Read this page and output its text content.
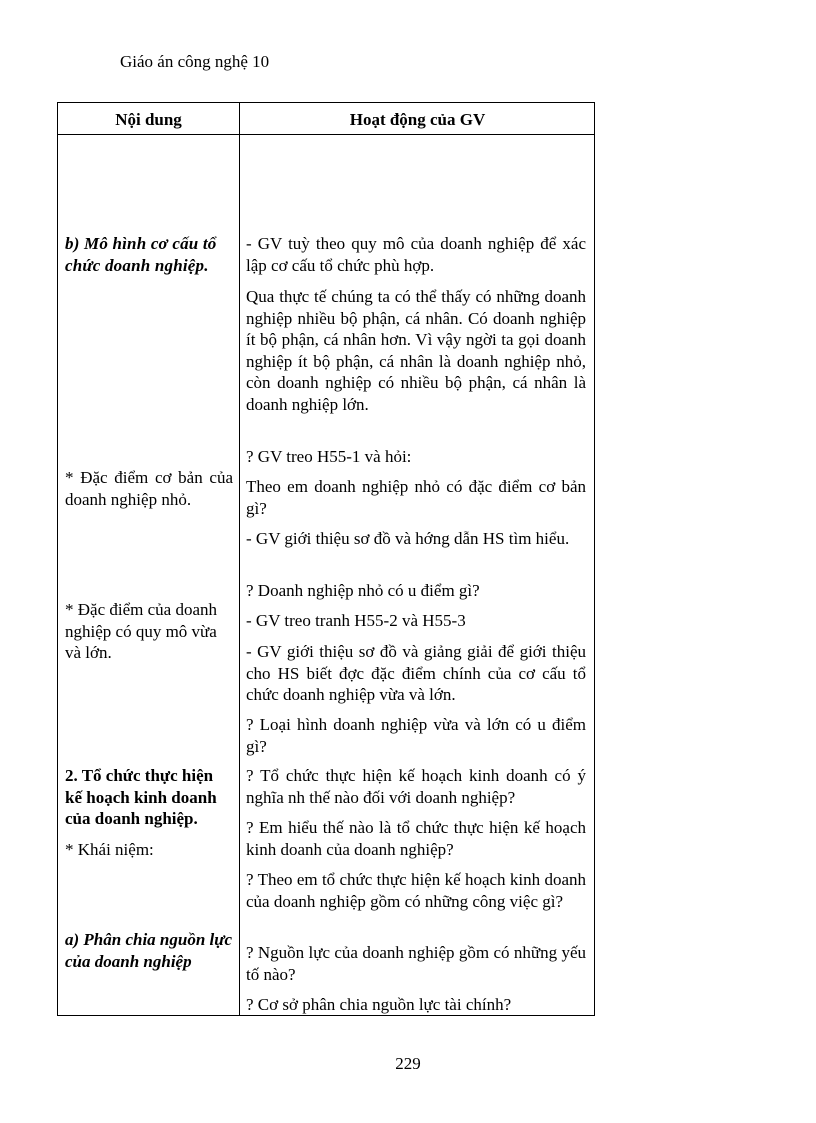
Giáo án công nghệ 10
Nội dung	Hoạt động của GV
b) Mô hình cơ cấu tổ chức doanh nghiệp.
* Đặc điểm cơ bản của doanh nghiệp nhỏ.
* Đặc điểm của doanh nghiệp có quy mô vừa và lớn.
2. Tổ chức thực hiện kế hoạch kinh doanh của doanh nghiệp.
* Khái niệm:
a) Phân chia nguồn lực của doanh nghiệp
- GV tuỳ theo quy mô của doanh nghiệp để xác lập cơ cấu tổ chức phù hợp.
Qua thực tế chúng ta có thể thấy có những doanh nghiệp nhiều bộ phận, cá nhân. Có doanh nghiệp ít bộ phận, cá nhân hơn. Vì vậy ngời ta gọi doanh nghiệp ít bộ phận, cá nhân là doanh nghiệp nhỏ, còn doanh nghiệp có nhiều bộ phận, cá nhân là doanh nghiệp lớn.
? GV treo H55-1 và hỏi:
Theo em doanh nghiệp nhỏ có đặc điểm cơ bản gì?
- GV giới thiệu sơ đồ và hớng dẫn HS tìm hiểu.
? Doanh nghiệp nhỏ có u điểm gì?
- GV treo tranh H55-2 và H55-3
- GV giới thiệu sơ đồ và giảng giải để giới thiệu cho HS biết đợc đặc điểm chính của cơ cấu tổ chức doanh nghiệp vừa và lớn.
? Loại hình doanh nghiệp vừa và lớn có u điểm gì?
? Tổ chức thực hiện kế hoạch kinh doanh có ý nghĩa nh thế nào đối với doanh nghiệp?
? Em hiểu thế nào là tổ chức thực hiện kế hoạch kinh doanh của doanh nghiệp?
? Theo em tổ chức thực hiện kế hoạch kinh doanh của doanh nghiệp gồm có những công việc gì?
? Nguồn lực của doanh nghiệp gồm có những yếu tố nào?
? Cơ sở phân chia nguồn lực tài chính?
229
